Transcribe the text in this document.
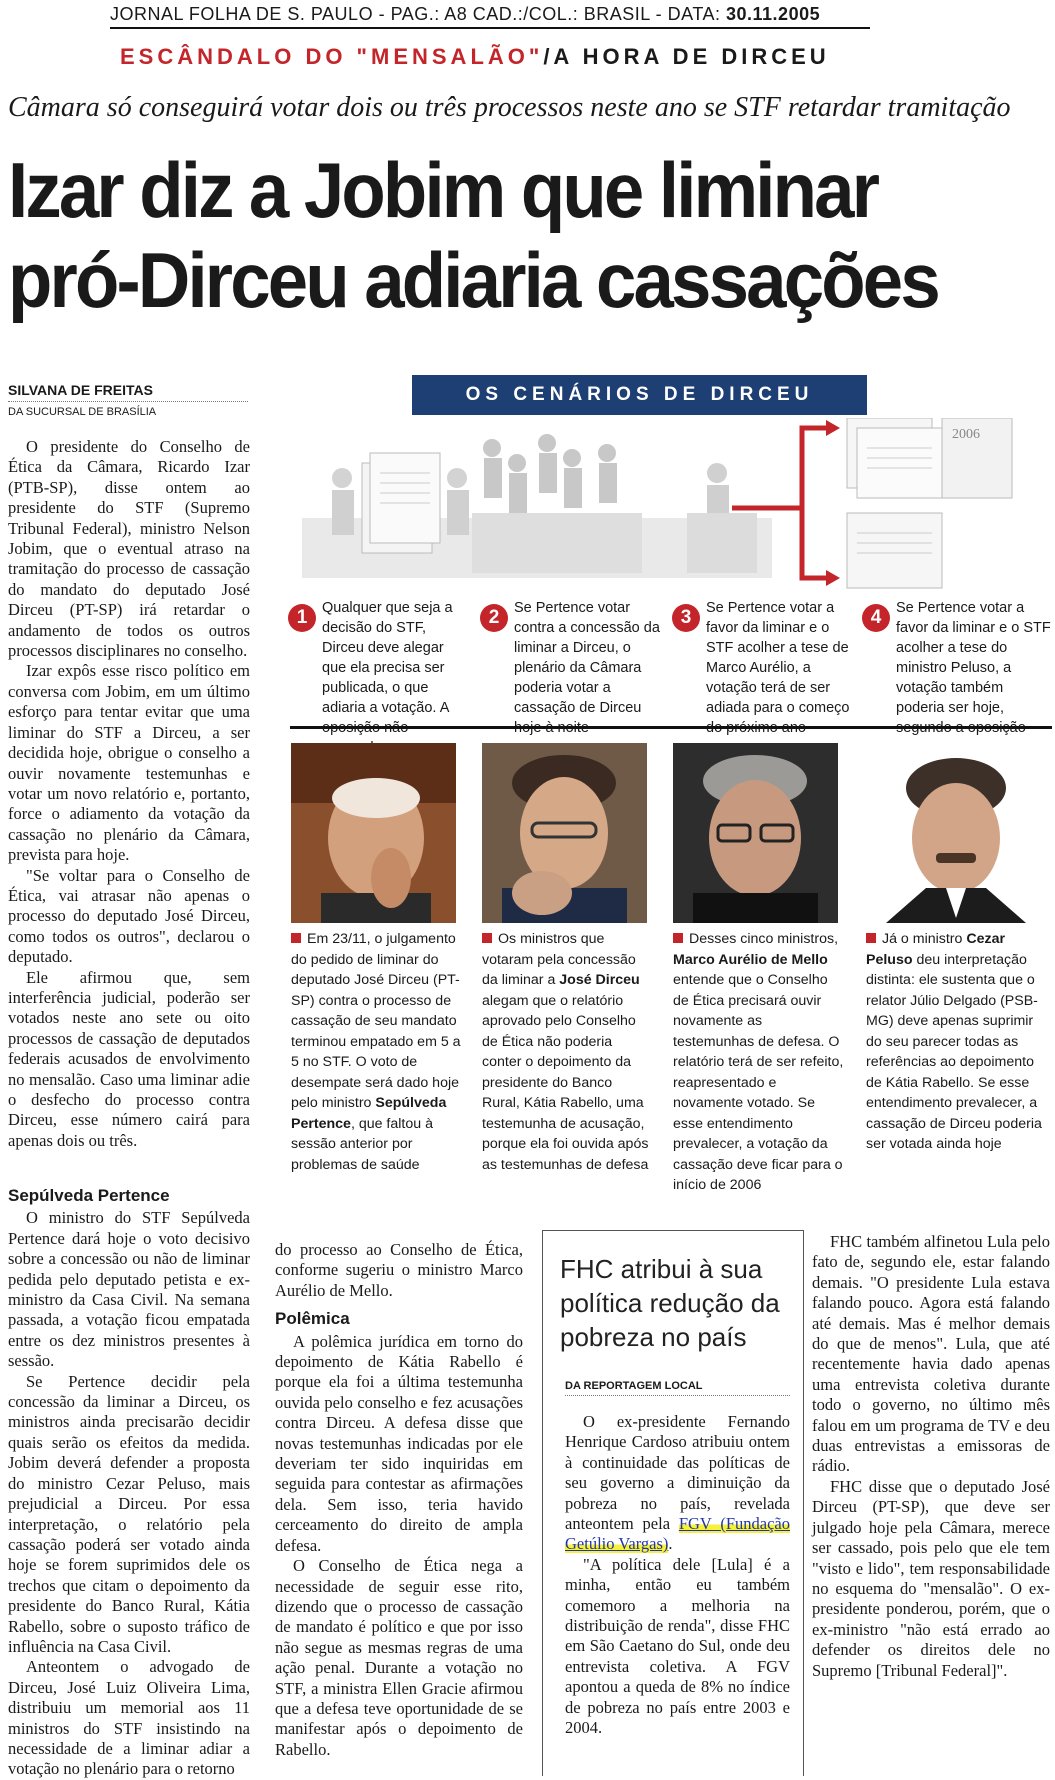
JORNAL FOLHA DE S. PAULO - PAG.: A8 CAD.:/COL.: BRASIL - DATA: 30.11.2005
ESCÂNDALO DO "MENSALÃO"/A HORA DE DIRCEU
Câmara só conseguirá votar dois ou três processos neste ano se STF retardar tramitação
Izar diz a Jobim que liminar
pró-Dirceu adiaria cassações
SILVANA DE FREITAS
DA SUCURSAL DE BRASÍLIA

O presidente do Conselho de Ética da Câmara, Ricardo Izar (PTB-SP), disse ontem ao presidente do STF (Supremo Tribunal Federal), ministro Nelson Jobim, que o eventual atraso na tramitação do processo de cassação do mandato do deputado José Dirceu (PT-SP) irá retardar o andamento de todos os outros processos disciplinares no conselho.

Izar expôs esse risco político em conversa com Jobim, em um último esforço para tentar evitar que uma liminar do STF a Dirceu, a ser decidida hoje, obrigue o conselho a ouvir novamente testemunhas e votar um novo relatório e, portanto, force o adiamento da votação da cassação no plenário da Câmara, prevista para hoje.

"Se voltar para o Conselho de Ética, vai atrasar não apenas o processo do deputado José Dirceu, como todos os outros", declarou o deputado.

Ele afirmou que, sem interferência judicial, poderão ser votados neste ano sete ou oito processos de cassação de deputados federais acusados de envolvimento no mensalão. Caso uma liminar adie o desfecho do processo contra Dirceu, esse número cairá para apenas dois ou três.

Sepúlveda Pertence

O ministro do STF Sepúlveda Pertence dará hoje o voto decisivo sobre a concessão ou não de liminar pedida pelo deputado petista e ex-ministro da Casa Civil. Na semana passada, a votação ficou empatada entre os dez ministros presentes à sessão.

Se Pertence decidir pela concessão da liminar a Dirceu, os ministros ainda precisarão decidir quais serão os efeitos da medida. Jobim deverá defender a proposta do ministro Cezar Peluso, mais prejudicial a Dirceu. Por essa interpretação, o relatório pela cassação poderá ser votado ainda hoje se forem suprimidos dele os trechos que citam o depoimento da presidente do Banco Rural, Kátia Rabello, sobre o suposto tráfico de influência na Casa Civil.

Anteontem o advogado de Dirceu, José Luiz Oliveira Lima, distribuiu um memorial aos 11 ministros do STF insistindo na necessidade de a liminar adiar a votação no plenário para o retorno

OS CENÁRIOS DE DIRCEU
2006
1	Qualquer que seja a decisão do STF, Dirceu deve alegar que ela precisa ser publicada, o que adiaria a votação. A
2	Se Pertence votar contra a concessão da liminar a Dirceu, o plenário da Câmara poderia votar a cassação de Dirceu
3	Se Pertence votar a favor da liminar e o STF acolher a tese de Marco Aurélio, a votação terá de ser adiada para o começo
4	Se Pertence votar a favor da liminar e o STF acolher a tese do ministro Peluso, a votação também poderia ser hoje,
Em 23/11, o julgamento do pedido de liminar do deputado José Dirceu (PT-SP) contra o processo de cassação de seu mandato terminou empatado em 5 a 5 no STF. O voto de desempate será dado hoje pelo ministro Sepúlveda Pertence, que faltou à sessão anterior por problemas de saúde
Os ministros que votaram pela concessão da liminar a José Dirceu alegam que o relatório aprovado pelo Conselho de Ética não poderia conter o depoimento da presidente do Banco Rural, Kátia Rabello, uma testemunha de acusação, porque ela foi ouvida após as testemunhas de defesa
Desses cinco ministros, Marco Aurélio de Mello entende que o Conselho de Ética precisará ouvir novamente as testemunhas de defesa. O relatório terá de ser refeito, reapresentado e novamente votado. Se esse entendimento prevalecer, a votação da cassação deve ficar para o início de 2006
Já o ministro Cezar Peluso deu interpretação distinta: ele sustenta que o relator Júlio Delgado (PSB-MG) deve apenas suprimir do seu parecer todas as referências ao depoimento de Kátia Rabello. Se esse entendimento prevalecer, a cassação de Dirceu poderia ser votada ainda hoje

do processo ao Conselho de Ética, conforme sugeriu o ministro Marco Aurélio de Mello.

Polêmica

A polêmica jurídica em torno do depoimento de Kátia Rabello é porque ela foi a última testemunha ouvida pelo conselho e fez acusações contra Dirceu. A defesa disse que novas testemunhas indicadas por ele deveriam ter sido inquiridas em seguida para contestar as afirmações dela. Sem isso, teria havido cerceamento do direito de ampla defesa.

O Conselho de Ética nega a necessidade de seguir esse rito, dizendo que o processo de cassação de mandato é político e que por isso não segue as mesmas regras de uma ação penal. Durante a votação no STF, a ministra Ellen Gracie afirmou que a defesa teve oportunidade de se manifestar após o depoimento de Rabello.

FHC atribui à sua política redução da pobreza no país
DA REPORTAGEM LOCAL

O ex-presidente Fernando Henrique Cardoso atribuiu ontem à continuidade das políticas de seu governo a diminuição da pobreza no país, revelada anteontem pela FGV (Fundação Getúlio Vargas).

"A política dele [Lula] é a minha, então eu também comemoro a melhoria na distribuição de renda", disse FHC em São Caetano do Sul, onde deu entrevista coletiva. A FGV apontou a queda de 8% no índice de pobreza no país entre 2003 e 2004.

FHC também alfinetou Lula pelo fato de, segundo ele, estar falando demais. "O presidente Lula estava falando pouco. Agora está falando até demais. Mas é melhor demais do que de menos". Lula, que até recentemente havia dado apenas uma entrevista coletiva durante todo o governo, no último mês falou em um programa de TV e deu duas entrevistas a emissoras de rádio.

FHC disse que o deputado José Dirceu (PT-SP), que deve ser julgado hoje pela Câmara, merece ser cassado, pois pelo que ele tem "visto e lido", tem responsabilidade no esquema do "mensalão". O ex-presidente ponderou, porém, que o ex-ministro "não está errado ao defender os direitos dele no Supremo [Tribunal Federal]".
